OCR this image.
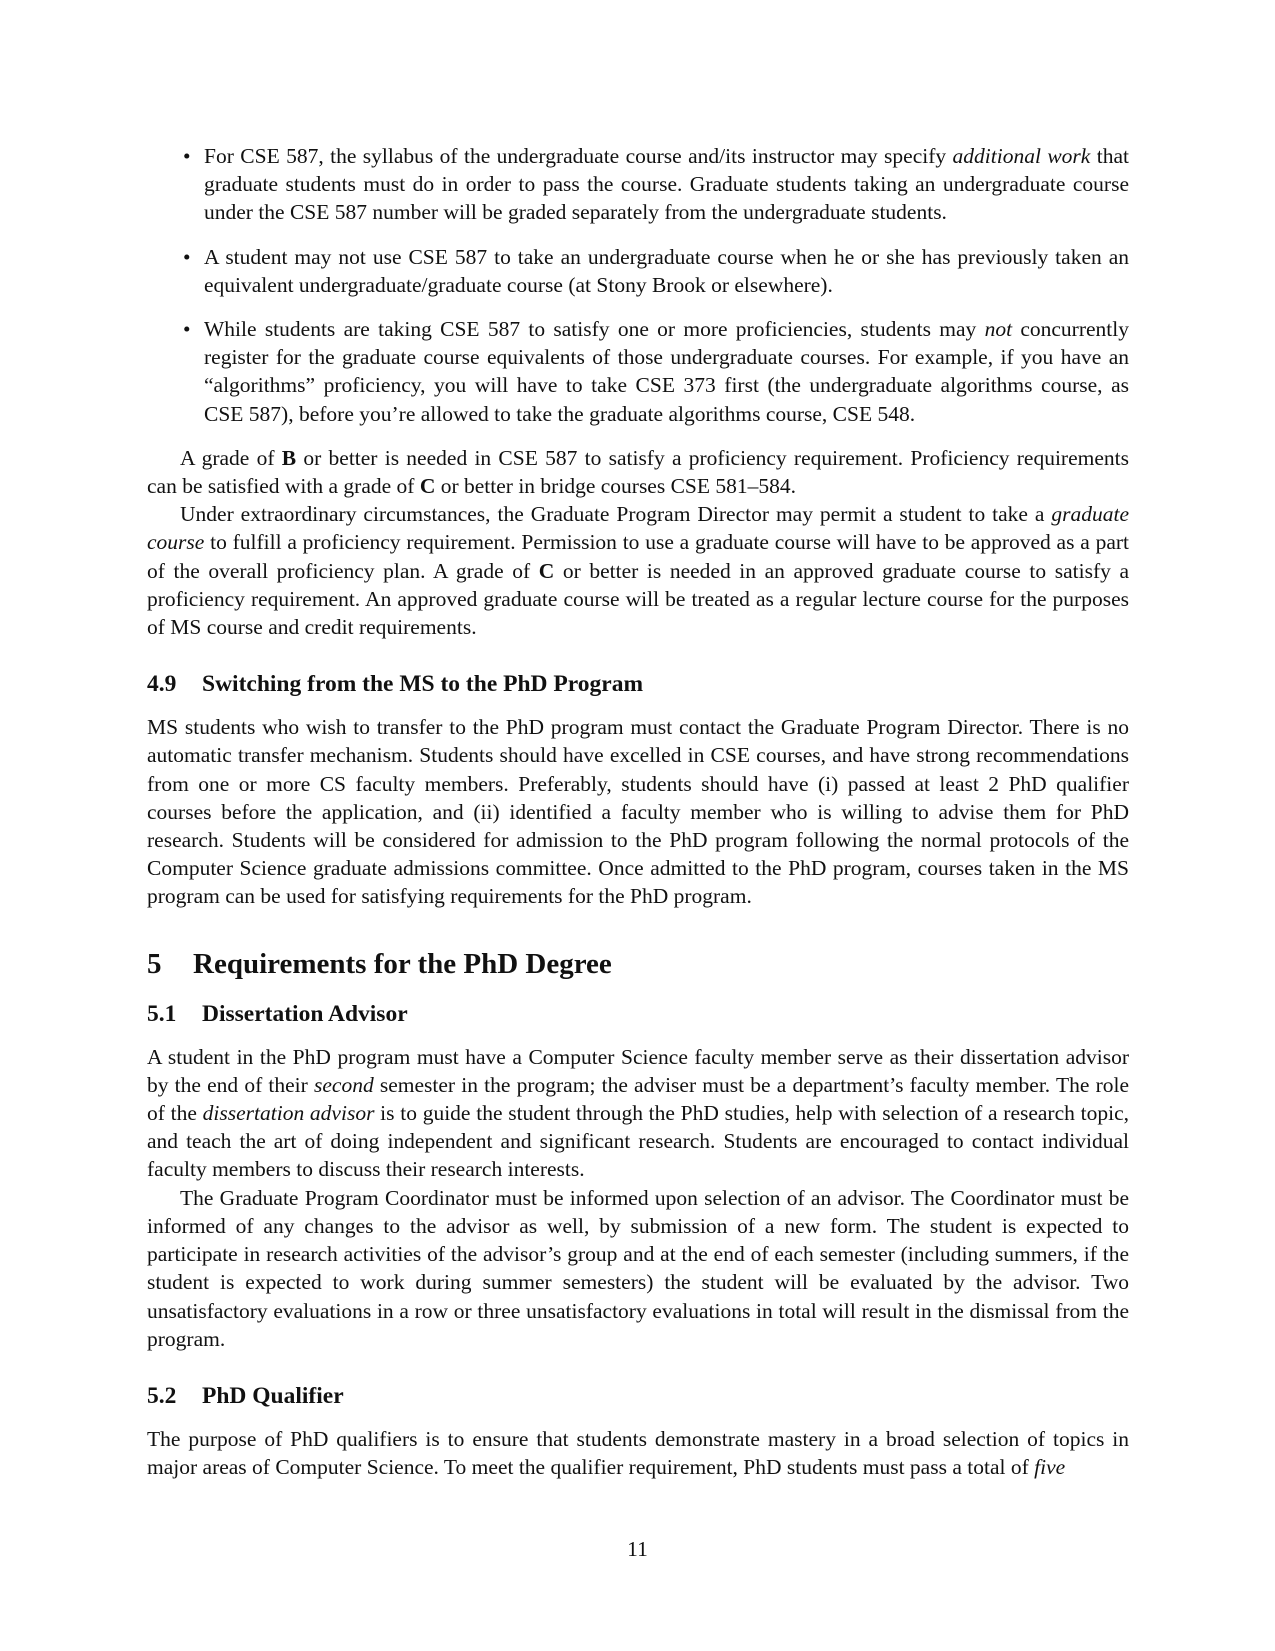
• For CSE 587, the syllabus of the undergraduate course and/its instructor may specify additional work that graduate students must do in order to pass the course. Graduate students taking an undergraduate course under the CSE 587 number will be graded separately from the undergraduate students.
• A student may not use CSE 587 to take an undergraduate course when he or she has previously taken an equivalent undergraduate/graduate course (at Stony Brook or elsewhere).
• While students are taking CSE 587 to satisfy one or more proficiencies, students may not concurrently register for the graduate course equivalents of those undergraduate courses. For example, if you have an “algorithms” proficiency, you will have to take CSE 373 first (the undergraduate algorithms course, as CSE 587), before you’re allowed to take the graduate algorithms course, CSE 548.

A grade of B or better is needed in CSE 587 to satisfy a proficiency requirement. Proficiency requirements can be satisfied with a grade of C or better in bridge courses CSE 581–584.

Under extraordinary circumstances, the Graduate Program Director may permit a student to take a graduate course to fulfill a proficiency requirement. Permission to use a graduate course will have to be approved as a part of the overall proficiency plan. A grade of C or better is needed in an approved graduate course to satisfy a proficiency requirement. An approved graduate course will be treated as a regular lecture course for the purposes of MS course and credit requirements.

4.9 Switching from the MS to the PhD Program

MS students who wish to transfer to the PhD program must contact the Graduate Program Director. There is no automatic transfer mechanism. Students should have excelled in CSE courses, and have strong recommendations from one or more CS faculty members. Preferably, students should have (i) passed at least 2 PhD qualifier courses before the application, and (ii) identified a faculty member who is willing to advise them for PhD research. Students will be considered for admission to the PhD program following the normal protocols of the Computer Science graduate admissions committee. Once admitted to the PhD program, courses taken in the MS program can be used for satisfying requirements for the PhD program.

5 Requirements for the PhD Degree
5.1 Dissertation Advisor

A student in the PhD program must have a Computer Science faculty member serve as their dissertation advisor by the end of their second semester in the program; the adviser must be a department’s faculty member. The role of the dissertation advisor is to guide the student through the PhD studies, help with selection of a research topic, and teach the art of doing independent and significant research. Students are encouraged to contact individual faculty members to discuss their research interests.

The Graduate Program Coordinator must be informed upon selection of an advisor. The Coordinator must be informed of any changes to the advisor as well, by submission of a new form. The student is expected to participate in research activities of the advisor’s group and at the end of each semester (including summers, if the student is expected to work during summer semesters) the student will be evaluated by the advisor. Two unsatisfactory evaluations in a row or three unsatisfactory evaluations in total will result in the dismissal from the program.

5.2 PhD Qualifier

The purpose of PhD qualifiers is to ensure that students demonstrate mastery in a broad selection of topics in major areas of Computer Science. To meet the qualifier requirement, PhD students must pass a total of five

11
